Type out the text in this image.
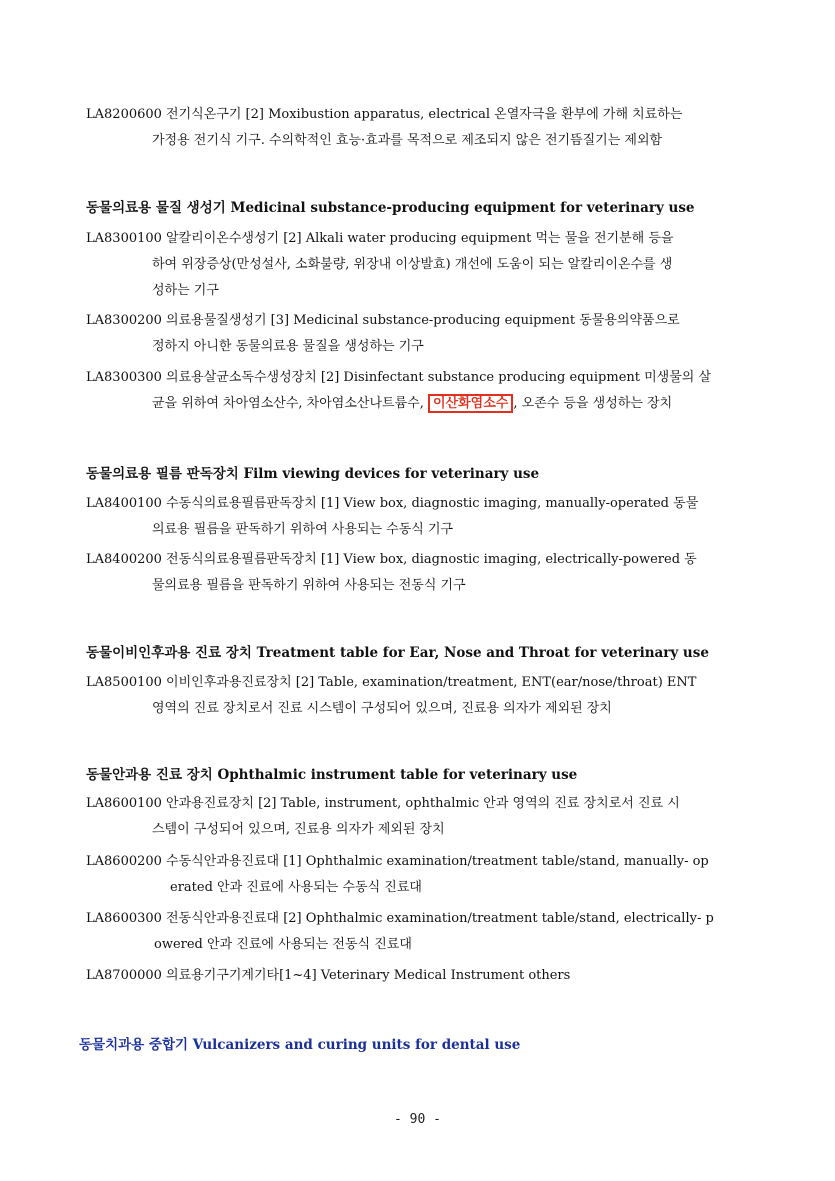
LA8200600 전기식온구기 [2] Moxibustion apparatus, electrical 온열자극을 환부에 가해 치료하는
가정용 전기식 기구. 수의학적인 효능·효과를 목적으로 제조되지 않은 전기뜸질기는 제외함
동물의료용 물질 생성기 Medicinal substance-producing equipment for veterinary use
LA8300100 알칼리이온수생성기 [2] Alkali water producing equipment 먹는 물을 전기분해 등을
하여 위장증상(만성설사, 소화불량, 위장내 이상발효) 개선에 도움이 되는 알칼리이온수를 생
성하는 기구
LA8300200 의료용물질생성기 [3] Medicinal substance-producing equipment 동물용의약품으로
정하지 아니한 동물의료용 물질을 생성하는 기구
LA8300300 의료용살균소독수생성장치 [2] Disinfectant substance producing equipment 미생물의 살
균을 위하여 차아염소산수, 차아염소산나트륨수, 이산화염소수 , 오존수 등을 생성하는 장치
동물의료용 필름 판독장치 Film viewing devices for veterinary use
LA8400100 수동식의료용필름판독장치 [1] View box, diagnostic imaging, manually-operated 동물
의료용 필름을 판독하기 위하여 사용되는 수동식 기구
LA8400200 전동식의료용필름판독장치 [1] View box, diagnostic imaging, electrically-powered 동
물의료용 필름을 판독하기 위하여 사용되는 전동식 기구
동물이비인후과용 진료 장치 Treatment table for Ear, Nose and Throat for veterinary use
LA8500100 이비인후과용진료장치 [2] Table, examination/treatment, ENT(ear/nose/throat) ENT
영역의 진료 장치로서 진료 시스템이 구성되어 있으며, 진료용 의자가 제외된 장치
동물안과용 진료 장치 Ophthalmic instrument table for veterinary use
LA8600100 안과용진료장치 [2] Table, instrument, ophthalmic 안과 영역의 진료 장치로서 진료 시
스템이 구성되어 있으며, 진료용 의자가 제외된 장치
LA8600200 수동식안과용진료대 [1] Ophthalmic examination/treatment table/stand, manually- op
erated 안과 진료에 사용되는 수동식 진료대
LA8600300 전동식안과용진료대 [2] Ophthalmic examination/treatment table/stand, electrically- p
owered 안과 진료에 사용되는 전동식 진료대
LA8700000 의료용기구기계기타[1~4] Veterinary Medical Instrument others
동물치과용 중합기 Vulcanizers and curing units for dental use
- 90 -
